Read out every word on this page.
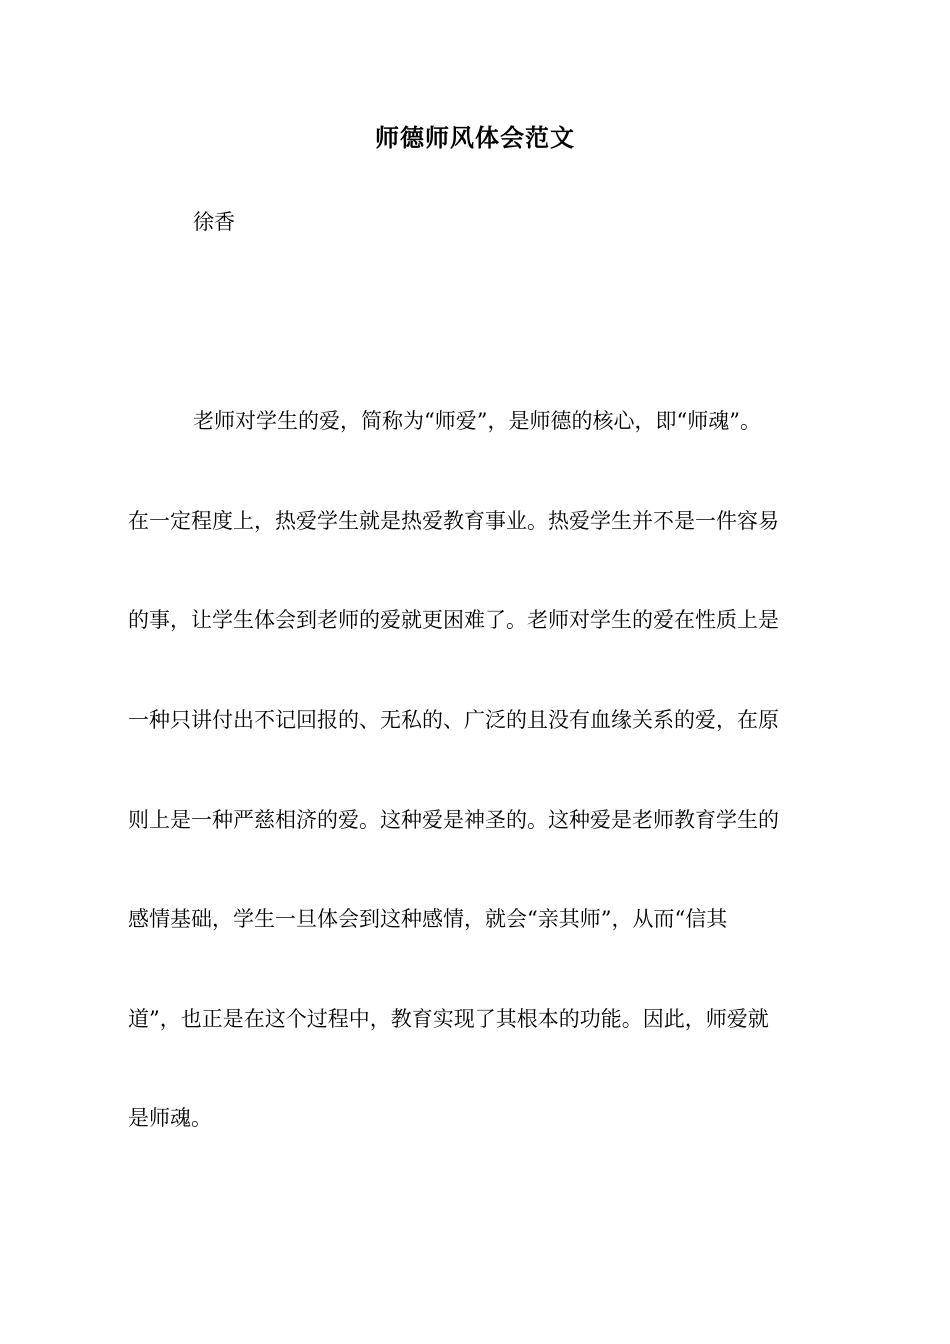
师德师风体会范文
徐香
老师对学生的爱，简称为“师爱”，是师德的核心，即“师魂”。
在一定程度上，热爱学生就是热爱教育事业。热爱学生并不是一件容易
的事，让学生体会到老师的爱就更困难了。老师对学生的爱在性质上是
一种只讲付出不记回报的、无私的、广泛的且没有血缘关系的爱，在原
则上是一种严慈相济的爱。这种爱是神圣的。这种爱是老师教育学生的
感情基础，学生一旦体会到这种感情，就会“亲其师”，从而“信其
道”，也正是在这个过程中，教育实现了其根本的功能。因此，师爱就
是师魂。
